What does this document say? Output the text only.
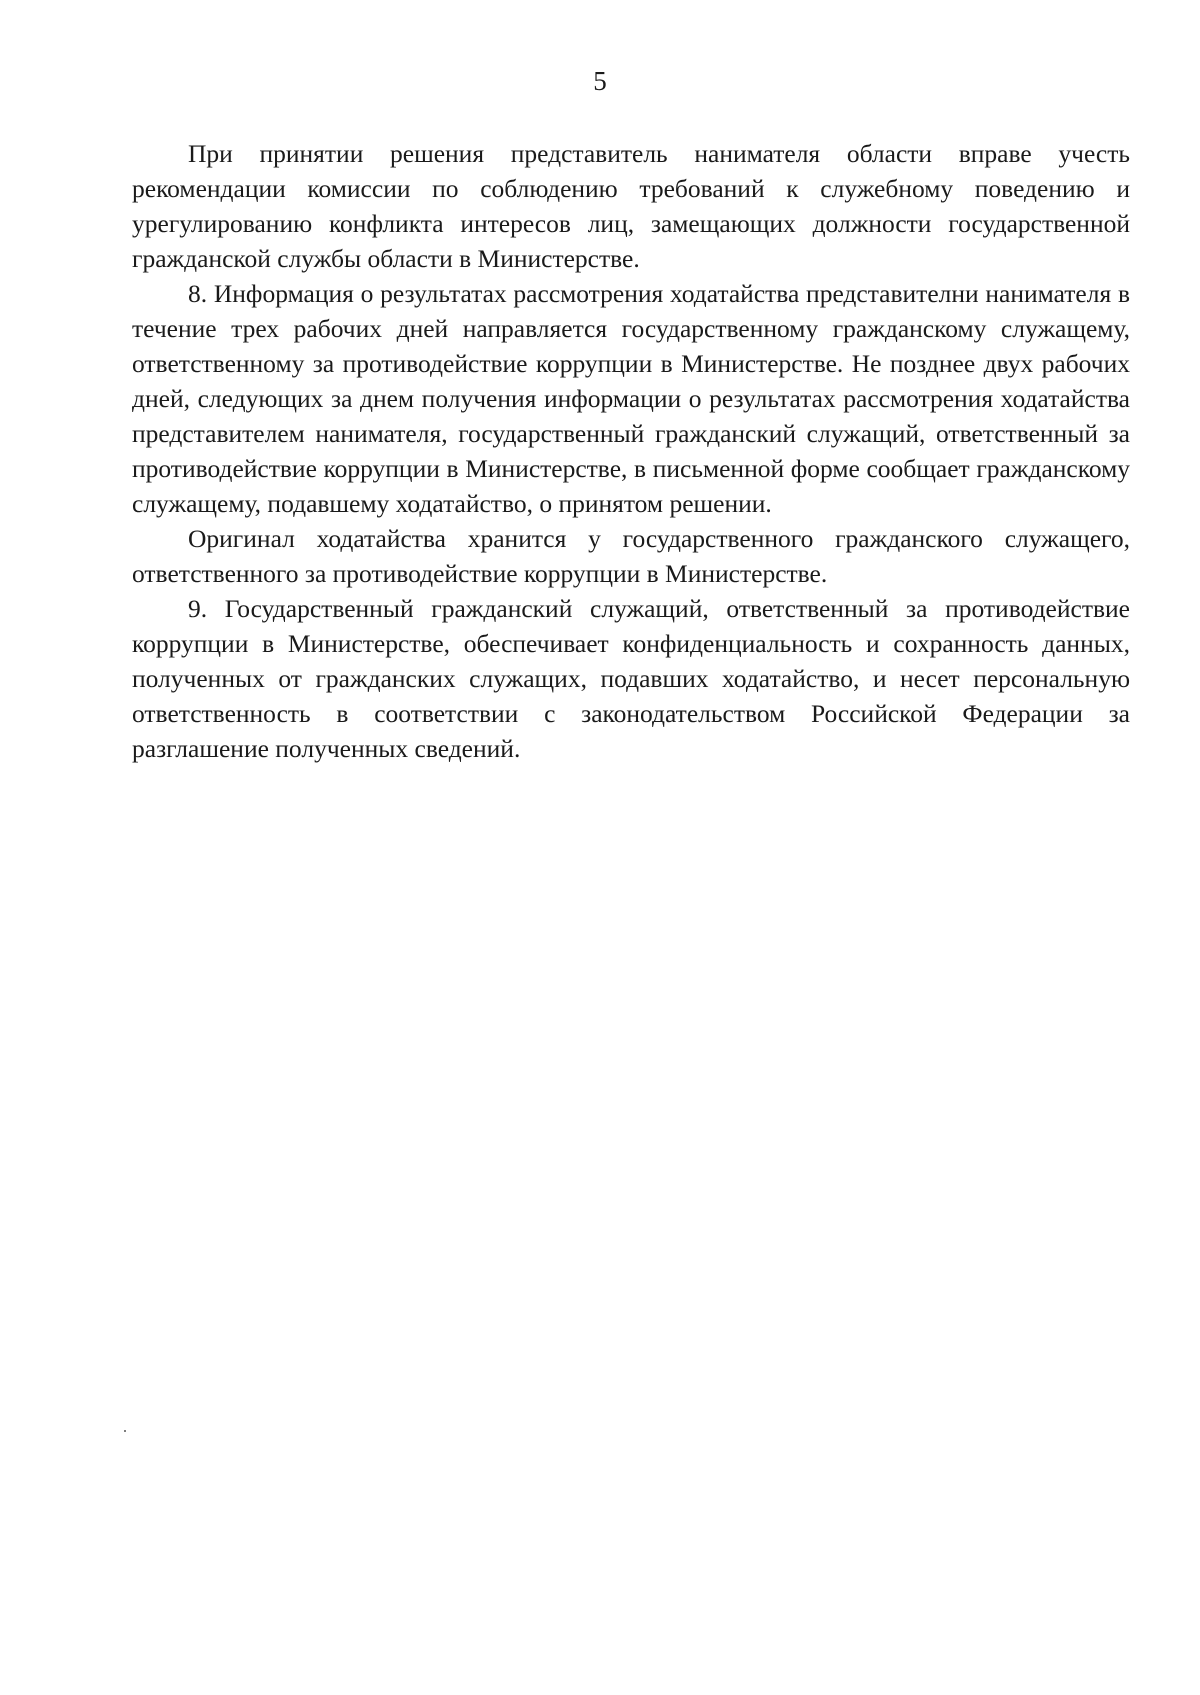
5

При принятии решения представитель нанимателя области вправе учесть рекомендации комиссии по соблюдению требований к служебному поведению и урегулированию конфликта интересов лиц, замещающих должности государственной гражданской службы области в Министерстве.

8. Информация о результатах рассмотрения ходатайства представителни нанимателя в течение трех рабочих дней направляется государственному гражданскому служащему, ответственному за противодействие коррупции в Министерстве. Не позднее двух рабочих дней, следующих за днем получения информации о результатах рассмотрения ходатайства представителем нанимателя, государственный гражданский служащий, ответственный за противодействие коррупции в Министерстве, в письменной форме сообщает гражданскому служащему, подавшему ходатайство, о принятом решении.

Оригинал ходатайства хранится у государственного гражданского служащего, ответственного за противодействие коррупции в Министерстве.

9. Государственный гражданский служащий, ответственный за противодействие коррупции в Министерстве, обеспечивает конфиденциальность и сохранность данных, полученных от гражданских служащих, подавших ходатайство, и несет персональную ответственность в соответствии с законодательством Российской Федерации за разглашение полученных сведений.
